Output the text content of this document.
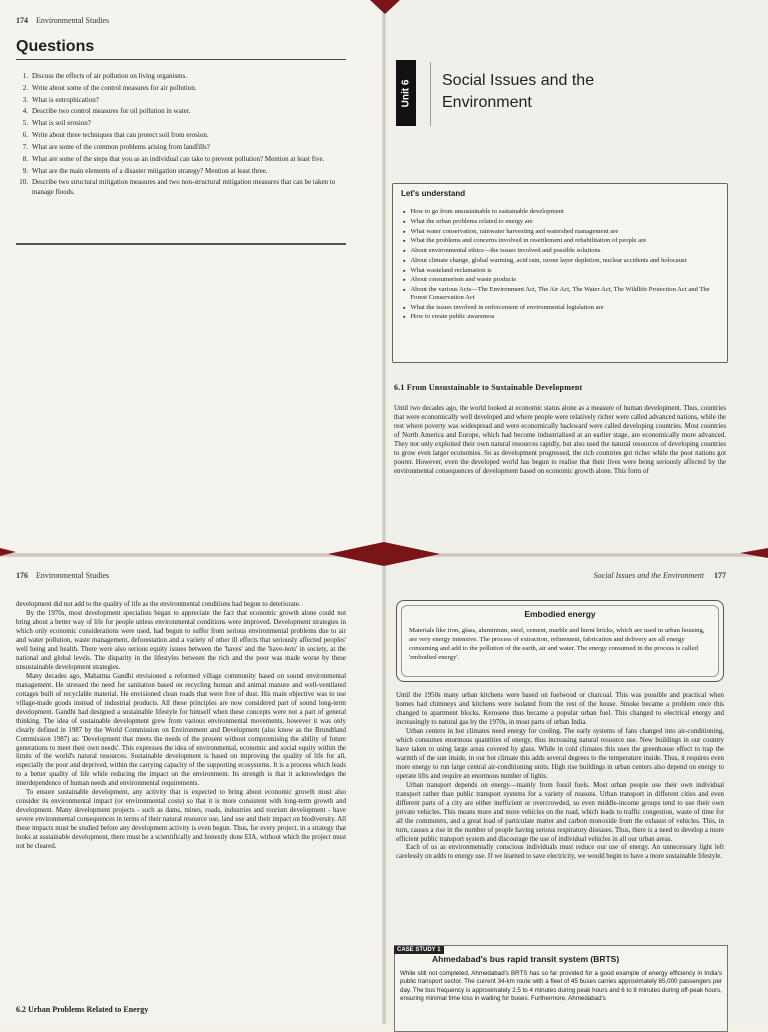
174 Environmental Studies
Questions
1. Discuss the effects of air pollution on living organisms.
2. Write about some of the control measures for air pollution.
3. What is eutrophication?
4. Describe two control measures for oil pollution in water.
5. What is soil erosion?
6. Write about three techniques that can protect soil from erosion.
7. What are some of the common problems arising from landfills?
8. What are some of the steps that you as an individual can take to prevent pollution? Mention at least five.
9. What are the main elements of a disaster mitigation strategy? Mention at least three.
10. Describe two structural mitigation measures and two non-structural mitigation measures that can be taken to manage floods.
Unit 6 Social Issues and the
Environment
Let's understand
▪ How to go from unsustainable to sustainable development
▪ What the urban problems related to energy are
▪ What water conservation, rainwater harvesting and watershed management are
▪ What the problems and concerns involved in resettlement and rehabilitation of people are
▪ About environmental ethics—the issues involved and possible solutions
▪ About climate change, global warming, acid rain, ozone layer depletion, nuclear accidents and holocaust
▪ What wasteland reclamation is
▪ About consumerism and waste products
▪ About the various Acts—The Environment Act, The Air Act, The Water Act, The Wildlife Protection Act and The Forest Conservation Act
▪ What the issues involved in enforcement of environmental legislation are
▪ How to create public awareness
6.1 From Unsustainable to Sustainable Development

Until two decades ago, the world looked at economic status alone as a measure of human development. Thus, countries that were economically well developed and where people were relatively richer were called advanced nations, while the rest where poverty was widespread and were economically backward were called developing countries. Most countries of North America and Europe, which had become industrialised at an earlier stage, are economically more advanced. They not only exploited their own natural resources rapidly, but also used the natural resources of developing countries to grow even larger economies. So as development progressed, the rich countries got richer while the poor nations got poorer. However, even the developed world has begun to realise that their lives were being seriously affected by the environmental consequences of development based on economic growth alone. This form of

176 Environmental Studies

development did not add to the quality of life as the environmental conditions had begun to deteriorate.

By the 1970s, most development specialists began to appreciate the fact that economic growth alone could not bring about a better way of life for people unless environmental conditions were improved. Development strategies in which only economic considerations were used, had begun to suffer from serious environmental problems due to air and water pollution, waste management, deforestation and a variety of other ill effects that seriously affected peoples' well being and health. There were also serious equity issues between the 'haves' and the 'have-nots' in society, at the national and global levels. The disparity in the lifestyles between the rich and the poor was made worse by these unsustainable development strategies.

Many decades ago, Mahatma Gandhi envisioned a reformed village community based on sound environmental management. He stressed the need for sanitation based on recycling human and animal manure and well-ventilated cottages built of recyclable material. He envisioned clean roads that were free of dust. His main objective was to use village-made goods instead of industrial products. All these principles are now considered part of sound long-term development. Gandhi had designed a sustainable lifestyle for himself when these concepts were not a part of general thinking. The idea of sustainable development grew from various environmental movements, however it was only clearly defined in 1987 by the World Commission on Environment and Development (also know as the Brundtland Commission 1987) as: 'Development that meets the needs of the present without compromising the ability of future generations to meet their own needs'. This expresses the idea of environmental, economic and social equity within the limits of the world's natural resources. Sustainable development is based on improving the quality of life for all, especially the poor and deprived, within the carrying capacity of the supporting ecosystems. It is a process which leads to a better quality of life while reducing the impact on the environment. Its strength is that it acknowledges the interdependence of human needs and environmental requirements.

To ensure sustainable development, any activity that is expected to bring about economic growth must also consider its environmental impact (or environmental costs) so that it is more consistent with long-term growth and development. Many development projects - such as dams, mines, roads, industries and tourism development - have severe environmental consequences in terms of their natural resource use, land use and their impact on biodiversity. All these impacts must be studied before any development activity is even begun. Thus, for every project, in a strategy that looks at sustainable development, there must be a scientifically and honestly done EIA, without which the project must not be cleared.

6.2 Urban Problems Related to Energy
Social Issues and the Environment 177
Embodied energy

Materials like iron, glass, aluminium, steel, cement, marble and burnt bricks, which are used in urban housing, are very energy intensive. The process of extraction, refinement, fabrication and delivery are all energy consuming and add to the pollution of the earth, air and water. The energy consumed in the process is called 'embodied energy'.

Until the 1950s many urban kitchens were based on fuelwood or charcoal. This was possible and practical when homes had chimneys and kitchens were isolated from the rest of the house. Smoke became a problem once this changed to apartment blocks. Kerosene thus became a popular urban fuel. This changed to electrical energy and increasingly to natural gas by the 1970s, in most parts of urban India.

Urban centers in hot climates need energy for cooling. The early systems of fans changed into air-conditioning, which consumes enormous quantities of energy, thus increasing natural resource use. New buildings in our country have taken to using large areas covered by glass. While in cold climates this uses the greenhouse effect to trap the warmth of the sun inside, in our hot climate this adds several degrees to the temperature inside. Thus, it requires even more energy to run large central air-conditioning units. High rise buildings in urban centers also depend on energy to operate lifts and require an enormous number of lights.

Urban transport depends on energy—mainly from fossil fuels. Most urban people use their own individual transport rather than public transport systems for a variety of reasons. Urban transport in different cities and even different parts of a city are either inefficient or overcrowded, so even middle-income groups tend to use their own private vehicles. This means more and more vehicles on the road, which leads to traffic congestion, waste of time for all the commuters, and a great load of particulate matter and carbon monoxide from the exhaust of vehicles. This, in turn, causes a rise in the number of people having serious respiratory diseases. Thus, there is a need to develop a more efficient public transport system and discourage the use of individual vehicles in all our urban areas.

Each of us as environmentally conscious individuals must reduce our use of energy. An unnecessary light left carelessly on adds to energy use. If we learned to save electricity, we would begin to have a more sustainable lifestyle.

CASE STUDY 1
Ahmedabad's bus rapid transit system (BRTS)

While still not completed, Ahmedabad's BRTS has so far provided for a good example of energy efficiency in India's public transport sector. The current 34-km route with a fleet of 45 buses carries approximately 85,000 passengers per day. The bus frequency is approximately 2.5 to 4 minutes during peak hours and 6 to 8 minutes during off-peak hours, ensuring minimal time loss in waiting for buses. Furthermore, Ahmedabad's
